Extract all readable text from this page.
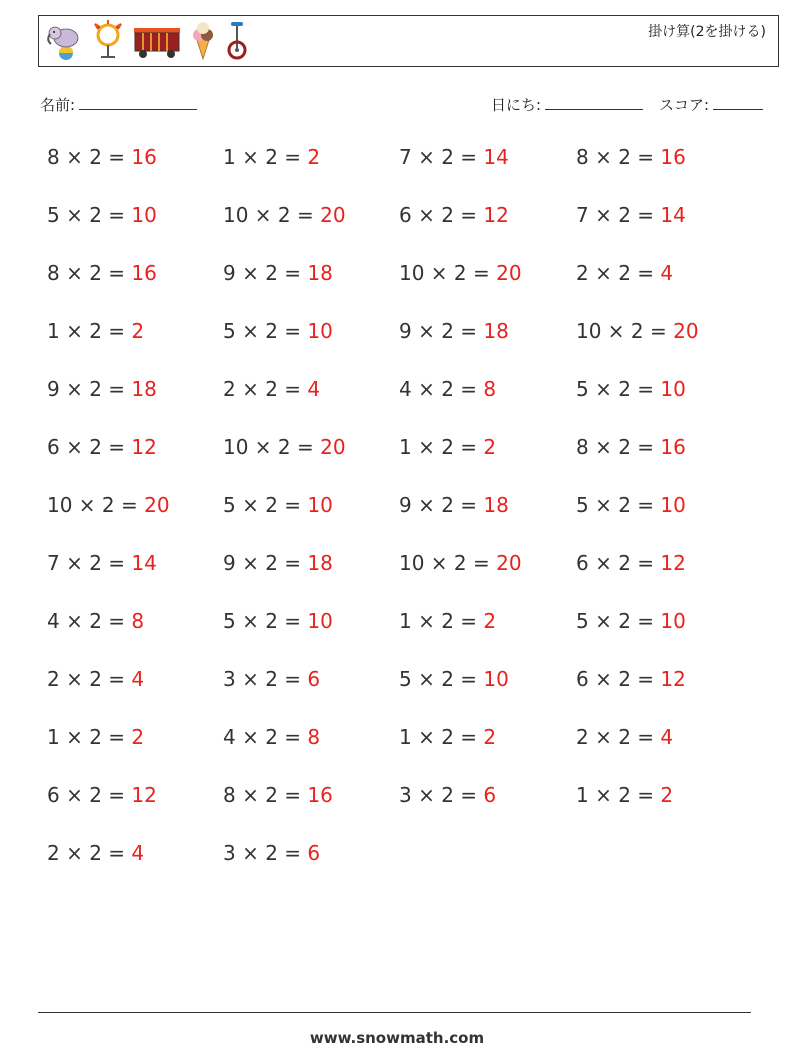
掛け算(2を掛ける)
名前:	日にち:	スコア:
8 × 2 = 16	1 × 2 = 2	7 × 2 = 14	8 × 2 = 16
5 × 2 = 10	10 × 2 = 20	6 × 2 = 12	7 × 2 = 14
8 × 2 = 16	9 × 2 = 18	10 × 2 = 20	2 × 2 = 4
1 × 2 = 2	5 × 2 = 10	9 × 2 = 18	10 × 2 = 20
9 × 2 = 18	2 × 2 = 4	4 × 2 = 8	5 × 2 = 10
6 × 2 = 12	10 × 2 = 20	1 × 2 = 2	8 × 2 = 16
10 × 2 = 20	5 × 2 = 10	9 × 2 = 18	5 × 2 = 10
7 × 2 = 14	9 × 2 = 18	10 × 2 = 20	6 × 2 = 12
4 × 2 = 8	5 × 2 = 10	1 × 2 = 2	5 × 2 = 10
2 × 2 = 4	3 × 2 = 6	5 × 2 = 10	6 × 2 = 12
1 × 2 = 2	4 × 2 = 8	1 × 2 = 2	2 × 2 = 4
6 × 2 = 12	8 × 2 = 16	3 × 2 = 6	1 × 2 = 2
2 × 2 = 4	3 × 2 = 6
www.snowmath.com
